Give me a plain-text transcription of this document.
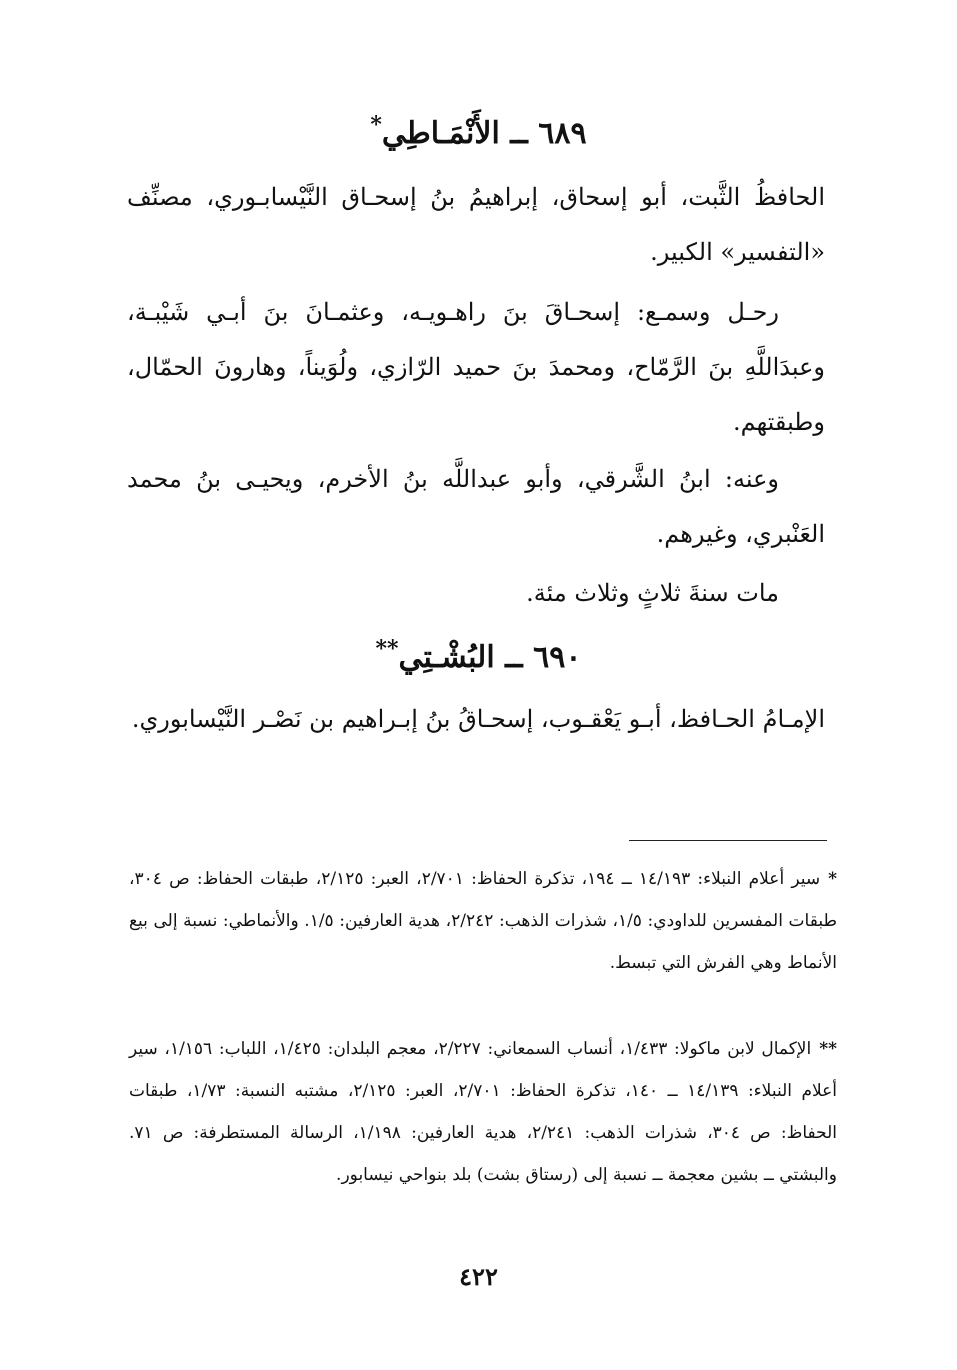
٦٨٩ ــ الأَنْمَـاطِي*

الحافظُ الثَّبت، أبو إسحاق، إبراهيمُ بنُ إسحـاق النَّيْسابـوري، مصنِّف «التفسير» الكبير.

رحـل وسمـع: إسحـاقَ بنَ راهـويـه، وعثمـانَ بنَ أبـي شَيْبـة، وعبدَاللَّهِ بنَ الرَّمّاح، ومحمدَ بنَ حميد الرّازي، ولُوَيناً، وهارونَ الحمّال، وطبقتهم.

وعنه: ابنُ الشَّرقي، وأبو عبداللَّه بنُ الأخرم، ويحيـى بنُ محمد العَنْبري، وغيرهم.

مات سنةَ ثلاثٍ وثلاث مئة.

٦٩٠ ــ البُشْـتِي**

الإمـامُ الحـافظ، أبـو يَعْقـوب، إسحـاقُ بنُ إبـراهيم بن نَصْـر النَّيْسابوري.

*سير أعلام النبلاء: ١٤/١٩٣ ــ ١٩٤، تذكرة الحفاظ: ٢/٧٠١، العبر: ٢/١٢٥، طبقات الحفاظ: ص ٣٠٤، طبقات المفسرين للداودي: ١/٥، شذرات الذهب: ٢/٢٤٢، هدية العارفين: ١/٥. والأنماطي: نسبة إلى بيع الأنماط وهي الفرش التي تبسط.
**الإكمال لابن ماكولا: ١/٤٣٣، أنساب السمعاني: ٢/٢٢٧، معجم البلدان: ١/٤٢٥، اللباب: ١/١٥٦، سير أعلام النبلاء: ١٤/١٣٩ ــ ١٤٠، تذكرة الحفاظ: ٢/٧٠١، العبر: ٢/١٢٥، مشتبه النسبة: ١/٧٣، طبقات الحفاظ: ص ٣٠٤، شذرات الذهب: ٢/٢٤١، هدية العارفين: ١/١٩٨، الرسالة المستطرفة: ص ٧١. والبشتي ــ بشين معجمة ــ نسبة إلى (رستاق بشت) بلد بنواحي نيسابور.
٤٢٢
